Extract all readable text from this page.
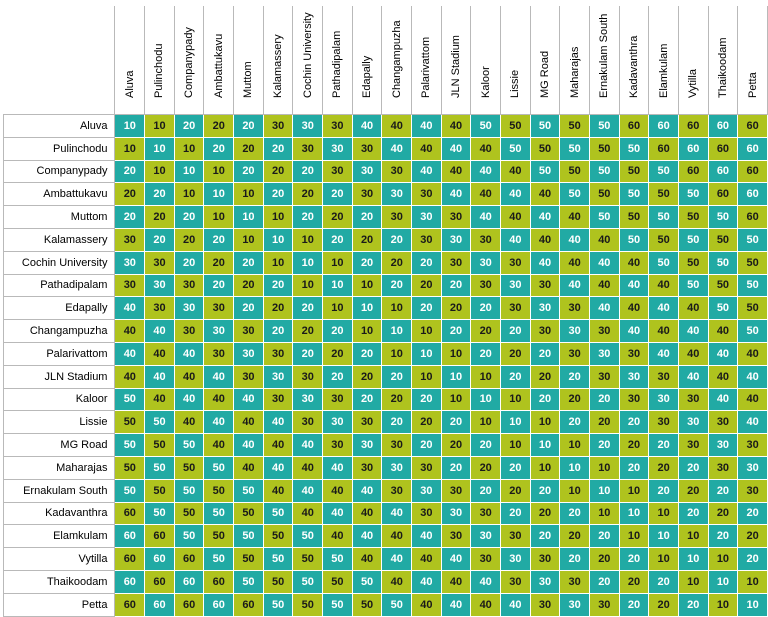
	Aluva	Pulinchodu	Companypady	Ambattukavu	Muttom	Kalamassery	Cochin University	Pathadipalam	Edapally	Changampuzha	Palarivattom	JLN Stadium	Kaloor	Lissie	MG Road	Maharajas	Ernakulam South	Kadavanthra	Elamkulam	Vytilla	Thaikoodam	Petta

Aluva	10	10	20	20	20	30	30	30	40	40	40	40	50	50	50	50	50	60	60	60	60	60
Pulinchodu	10	10	10	20	20	20	30	30	30	40	40	40	40	50	50	50	50	50	60	60	60	60
Companypady	20	10	10	10	20	20	20	30	30	30	40	40	40	40	50	50	50	50	50	60	60	60
Ambattukavu	20	20	10	10	10	20	20	20	30	30	30	40	40	40	40	50	50	50	50	50	60	60
Muttom	20	20	20	10	10	10	20	20	20	30	30	30	40	40	40	40	50	50	50	50	50	60
Kalamassery	30	20	20	20	10	10	10	20	20	20	30	30	30	40	40	40	40	50	50	50	50	50
Cochin University	30	30	20	20	20	10	10	10	20	20	20	30	30	30	40	40	40	40	50	50	50	50
Pathadipalam	30	30	30	20	20	20	10	10	10	20	20	20	30	30	30	40	40	40	40	50	50	50
Edapally	40	30	30	30	20	20	20	10	10	10	20	20	20	30	30	30	40	40	40	40	50	50
Changampuzha	40	40	30	30	30	20	20	20	10	10	10	20	20	20	30	30	30	40	40	40	40	50
Palarivattom	40	40	40	30	30	30	20	20	20	10	10	10	20	20	20	30	30	30	40	40	40	40
JLN Stadium	40	40	40	40	30	30	30	20	20	20	10	10	10	20	20	20	30	30	30	40	40	40
Kaloor	50	40	40	40	40	30	30	30	20	20	20	10	10	10	20	20	20	30	30	30	40	40
Lissie	50	50	40	40	40	40	30	30	30	20	20	20	10	10	10	20	20	20	30	30	30	40
MG Road	50	50	50	40	40	40	40	30	30	30	20	20	20	10	10	10	20	20	20	30	30	30
Maharajas	50	50	50	50	40	40	40	40	30	30	30	20	20	20	10	10	10	20	20	20	30	30
Ernakulam South	50	50	50	50	50	40	40	40	40	30	30	30	20	20	20	10	10	10	20	20	20	30
Kadavanthra	60	50	50	50	50	50	40	40	40	40	30	30	30	20	20	20	10	10	10	20	20	20
Elamkulam	60	60	50	50	50	50	50	40	40	40	40	30	30	30	20	20	20	10	10	10	20	20
Vytilla	60	60	60	50	50	50	50	50	40	40	40	40	30	30	30	20	20	20	10	10	10	20
Thaikoodam	60	60	60	60	50	50	50	50	50	40	40	40	40	30	30	30	20	20	20	10	10	10
Petta	60	60	60	60	60	50	50	50	50	50	40	40	40	40	30	30	30	20	20	20	10	10
